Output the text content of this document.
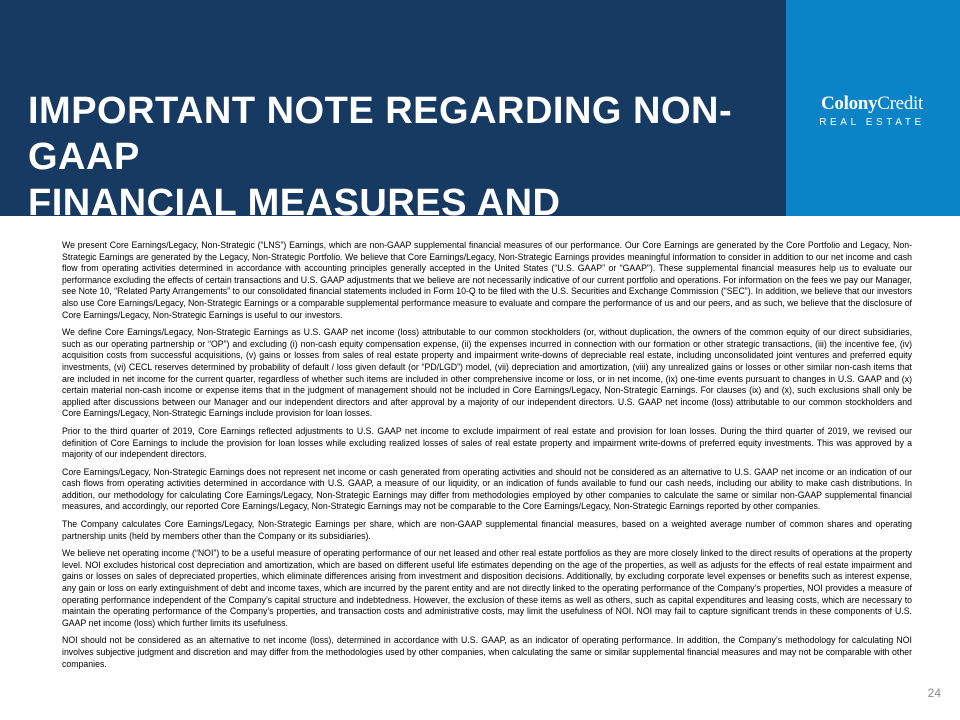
IMPORTANT NOTE REGARDING NON-GAAP
FINANCIAL MEASURES AND DEFINITIONS
ColonyCredit
REAL ESTATE

We present Core Earnings/Legacy, Non-Strategic (“LNS”) Earnings, which are non-GAAP supplemental financial measures of our performance. Our Core Earnings are generated by the Core Portfolio and Legacy, Non-Strategic Earnings are generated by the Legacy, Non-Strategic Portfolio. We believe that Core Earnings/Legacy, Non-Strategic Earnings provides meaningful information to consider in addition to our net income and cash flow from operating activities determined in accordance with accounting principles generally accepted in the United States (“U.S. GAAP” or “GAAP”). These supplemental financial measures help us to evaluate our performance excluding the effects of certain transactions and U.S. GAAP adjustments that we believe are not necessarily indicative of our current portfolio and operations. For information on the fees we pay our Manager, see Note 10, “Related Party Arrangements” to our consolidated financial statements included in Form 10-Q to be filed with the U.S. Securities and Exchange Commission (“SEC”). In addition, we believe that our investors also use Core Earnings/Legacy, Non-Strategic Earnings or a comparable supplemental performance measure to evaluate and compare the performance of us and our peers, and as such, we believe that the disclosure of Core Earnings/Legacy, Non-Strategic Earnings is useful to our investors.

We define Core Earnings/Legacy, Non-Strategic Earnings as U.S. GAAP net income (loss) attributable to our common stockholders (or, without duplication, the owners of the common equity of our direct subsidiaries, such as our operating partnership or “OP”) and excluding (i) non-cash equity compensation expense, (ii) the expenses incurred in connection with our formation or other strategic transactions, (iii) the incentive fee, (iv) acquisition costs from successful acquisitions, (v) gains or losses from sales of real estate property and impairment write-downs of depreciable real estate, including unconsolidated joint ventures and preferred equity investments, (vi) CECL reserves determined by probability of default / loss given default (or “PD/LGD”) model, (vii) depreciation and amortization, (viii) any unrealized gains or losses or other similar non-cash items that are included in net income for the current quarter, regardless of whether such items are included in other comprehensive income or loss, or in net income, (ix) one-time events pursuant to changes in U.S. GAAP and (x) certain material non-cash income or expense items that in the judgment of management should not be included in Core Earnings/Legacy, Non-Strategic Earnings. For clauses (ix) and (x), such exclusions shall only be applied after discussions between our Manager and our independent directors and after approval by a majority of our independent directors. U.S. GAAP net income (loss) attributable to our common stockholders and Core Earnings/Legacy, Non-Strategic Earnings include provision for loan losses.

Prior to the third quarter of 2019, Core Earnings reflected adjustments to U.S. GAAP net income to exclude impairment of real estate and provision for loan losses. During the third quarter of 2019, we revised our definition of Core Earnings to include the provision for loan losses while excluding realized losses of sales of real estate property and impairment write-downs of preferred equity investments. This was approved by a majority of our independent directors.

Core Earnings/Legacy, Non-Strategic Earnings does not represent net income or cash generated from operating activities and should not be considered as an alternative to U.S. GAAP net income or an indication of our cash flows from operating activities determined in accordance with U.S. GAAP, a measure of our liquidity, or an indication of funds available to fund our cash needs, including our ability to make cash distributions. In addition, our methodology for calculating Core Earnings/Legacy, Non-Strategic Earnings may differ from methodologies employed by other companies to calculate the same or similar non-GAAP supplemental financial measures, and accordingly, our reported Core Earnings/Legacy, Non-Strategic Earnings may not be comparable to the Core Earnings/Legacy, Non-Strategic Earnings reported by other companies.

The Company calculates Core Earnings/Legacy, Non-Strategic Earnings per share, which are non-GAAP supplemental financial measures, based on a weighted average number of common shares and operating partnership units (held by members other than the Company or its subsidiaries).

We believe net operating income (“NOI”) to be a useful measure of operating performance of our net leased and other real estate portfolios as they are more closely linked to the direct results of operations at the property level. NOI excludes historical cost depreciation and amortization, which are based on different useful life estimates depending on the age of the properties, as well as adjusts for the effects of real estate impairment and gains or losses on sales of depreciated properties, which eliminate differences arising from investment and disposition decisions. Additionally, by excluding corporate level expenses or benefits such as interest expense, any gain or loss on early extinguishment of debt and income taxes, which are incurred by the parent entity and are not directly linked to the operating performance of the Company’s properties, NOI provides a measure of operating performance independent of the Company’s capital structure and indebtedness. However, the exclusion of these items as well as others, such as capital expenditures and leasing costs, which are necessary to maintain the operating performance of the Company’s properties, and transaction costs and administrative costs, may limit the usefulness of NOI. NOI may fail to capture significant trends in these components of U.S. GAAP net income (loss) which further limits its usefulness.

NOI should not be considered as an alternative to net income (loss), determined in accordance with U.S. GAAP, as an indicator of operating performance. In addition, the Company’s methodology for calculating NOI involves subjective judgment and discretion and may differ from the methodologies used by other companies, when calculating the same or similar supplemental financial measures and may not be comparable with other companies.

24
